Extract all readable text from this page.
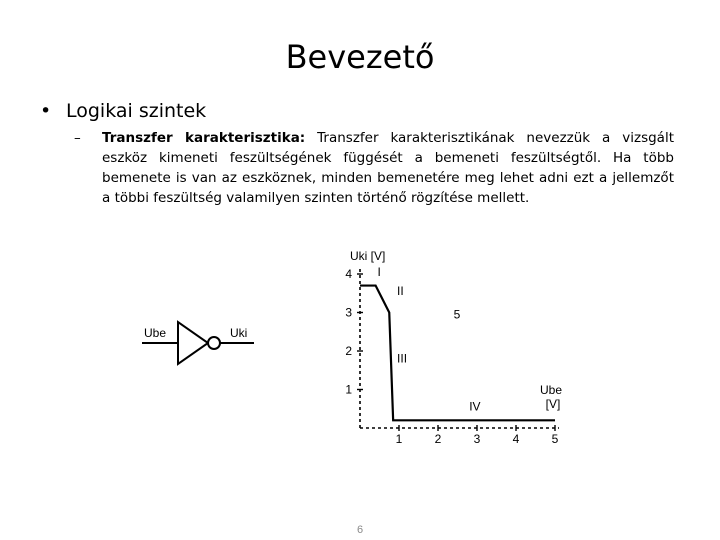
Bevezető
• Logikai szintek
– Transzfer karakterisztika: Transzfer karakterisztikának nevezzük a vizsgált eszköz kimeneti feszültségének függését a bemeneti feszültségtől. Ha több bemenete is van az eszköznek, minden bemenetére meg lehet adni ezt a jellemzőt a többi feszültség valamilyen szinten történő rögzítése mellett.
Ube	Uki
1	2	3	4	5
1
2
3
4
Uki [V]
Ube
[V]
I
II
III
IV
5
6
